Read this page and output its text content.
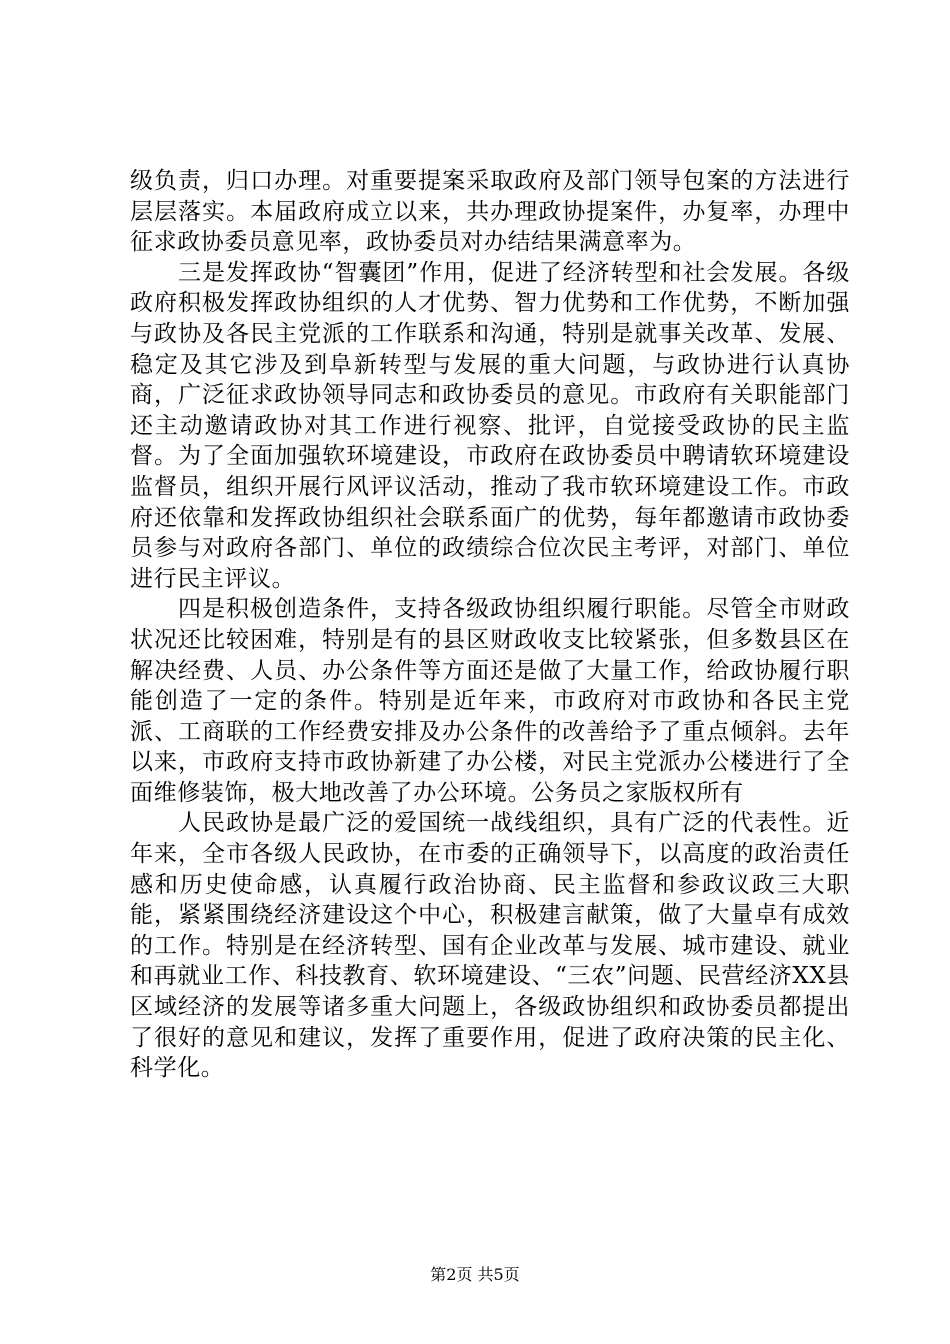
级负责，归口办理。对重要提案采取政府及部门领导包案的方法进行层层落实。本届政府成立以来，共办理政协提案件，办复率，办理中征求政协委员意见率，政协委员对办结结果满意率为。

三是发挥政协“智囊团”作用，促进了经济转型和社会发展。各级政府积极发挥政协组织的人才优势、智力优势和工作优势，不断加强与政协及各民主党派的工作联系和沟通，特别是就事关改革、发展、稳定及其它涉及到阜新转型与发展的重大问题，与政协进行认真协商，广泛征求政协领导同志和政协委员的意见。市政府有关职能部门还主动邀请政协对其工作进行视察、批评，自觉接受政协的民主监督。为了全面加强软环境建设，市政府在政协委员中聘请软环境建设监督员，组织开展行风评议活动，推动了我市软环境建设工作。市政府还依靠和发挥政协组织社会联系面广的优势，每年都邀请市政协委员参与对政府各部门、单位的政绩综合位次民主考评，对部门、单位进行民主评议。

四是积极创造条件，支持各级政协组织履行职能。尽管全市财政状况还比较困难，特别是有的县区财政收支比较紧张，但多数县区在解决经费、人员、办公条件等方面还是做了大量工作，给政协履行职能创造了一定的条件。特别是近年来，市政府对市政协和各民主党派、工商联的工作经费安排及办公条件的改善给予了重点倾斜。去年以来，市政府支持市政协新建了办公楼，对民主党派办公楼进行了全面维修装饰，极大地改善了办公环境。公务员之家版权所有

人民政协是最广泛的爱国统一战线组织，具有广泛的代表性。近年来，全市各级人民政协，在市委的正确领导下，以高度的政治责任感和历史使命感，认真履行政治协商、民主监督和参政议政三大职能，紧紧围绕经济建设这个中心，积极建言献策，做了大量卓有成效的工作。特别是在经济转型、国有企业改革与发展、城市建设、就业和再就业工作、科技教育、软环境建设、“三农”问题、民营经济XX县区域经济的发展等诸多重大问题上，各级政协组织和政协委员都提出了很好的意见和建议，发挥了重要作用，促进了政府决策的民主化、科学化。

第2页 共5页
